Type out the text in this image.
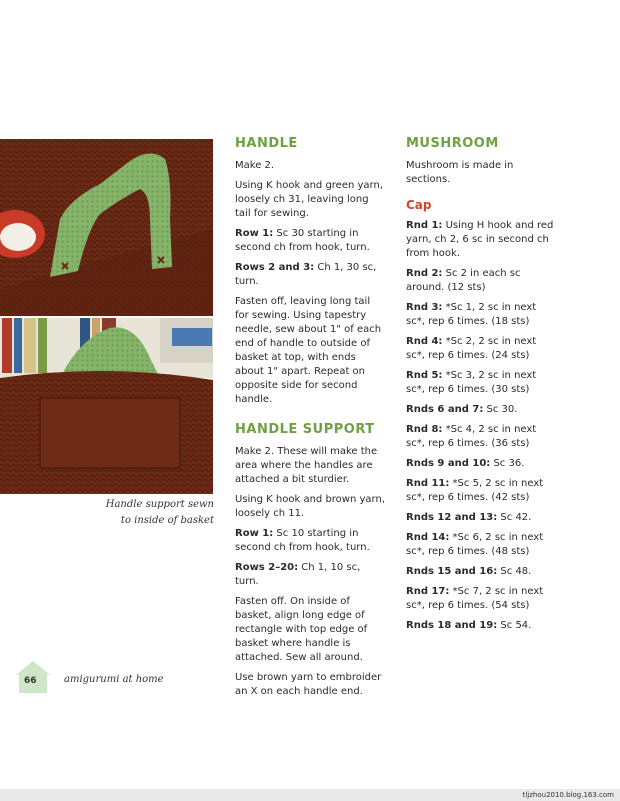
Handle support sewn
to inside of basket
HANDLE

Make 2.

Using K hook and green yarn, loosely ch 31, leaving long tail for sewing.

Row 1: Sc 30 starting in second ch from hook, turn.

Rows 2 and 3: Ch 1, 30 sc, turn.

Fasten off, leaving long tail for sewing. Using tapestry needle, sew about 1" of each end of handle to outside of basket at top, with ends about 1" apart. Repeat on opposite side for second handle.

HANDLE SUPPORT

Make 2. These will make the area where the handles are attached a bit sturdier.

Using K hook and brown yarn, loosely ch 11.

Row 1: Sc 10 starting in second ch from hook, turn.

Rows 2–20: Ch 1, 10 sc, turn.

Fasten off. On inside of basket, align long edge of rectangle with top edge of basket where handle is attached. Sew all around.

Use brown yarn to embroider an X on each handle end.

MUSHROOM

Mushroom is made in sections.

Cap

Rnd 1: Using H hook and red yarn, ch 2, 6 sc in second ch from hook.

Rnd 2: Sc 2 in each sc around. (12 sts)

Rnd 3: *Sc 1, 2 sc in next sc*, rep 6 times. (18 sts)

Rnd 4: *Sc 2, 2 sc in next sc*, rep 6 times. (24 sts)

Rnd 5: *Sc 3, 2 sc in next sc*, rep 6 times. (30 sts)

Rnds 6 and 7: Sc 30.

Rnd 8: *Sc 4, 2 sc in next sc*, rep 6 times. (36 sts)

Rnds 9 and 10: Sc 36.

Rnd 11: *Sc 5, 2 sc in next sc*, rep 6 times. (42 sts)

Rnds 12 and 13: Sc 42.

Rnd 14: *Sc 6, 2 sc in next sc*, rep 6 times. (48 sts)

Rnds 15 and 16: Sc 48.

Rnd 17: *Sc 7, 2 sc in next sc*, rep 6 times. (54 sts)

Rnds 18 and 19: Sc 54.

66	amigurumi at home
tljzhou2010.blog.163.com
